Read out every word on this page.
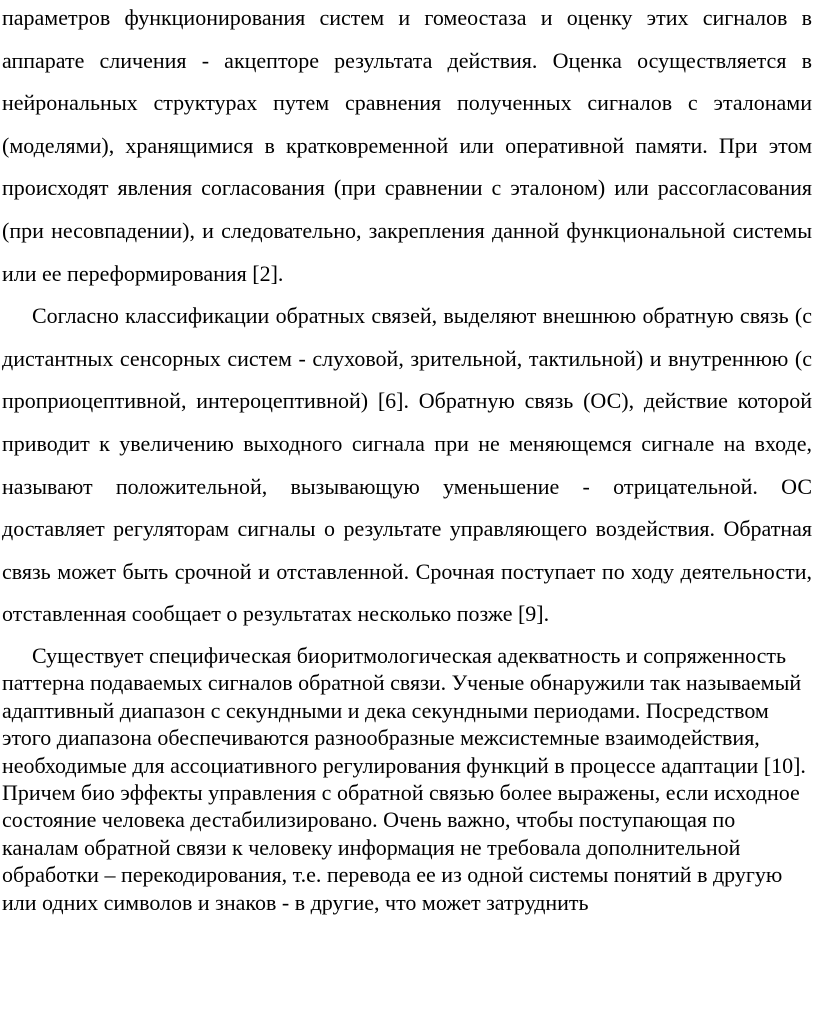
параметров функционирования систем и гомеостаза и оценку этих сигналов в аппарате сличения - акцепторе результата действия. Оценка осуществляется в нейрональных структурах путем сравнения полученных сигналов с эталонами (моделями), хранящимися в кратковременной или оперативной памяти. При этом происходят явления согласования (при сравнении с эталоном) или рассогласования (при несовпадении), и следовательно, закрепления данной функциональной системы или ее переформирования [2].

Согласно классификации обратных связей, выделяют внешнюю обратную связь (с дистантных сенсорных систем - слуховой, зрительной, тактильной) и внутреннюю (с проприоцептивной, интероцептивной) [6]. Обратную связь (ОС), действие которой приводит к увеличению выходного сигнала при не меняющемся сигнале на входе, называют положительной, вызывающую уменьшение - отрицательной. ОС доставляет регуляторам сигналы о результате управляющего воздействия. Обратная связь может быть срочной и отставленной. Срочная поступает по ходу деятельности, отставленная сообщает о результатах несколько позже [9].

Существует специфическая биоритмологическая адекватность и сопряженность паттерна подаваемых сигналов обратной связи. Ученые обнаружили так называемый адаптивный диапазон с секундными и дека секундными периодами. Посредством этого диапазона обеспечиваются разнообразные межсистемные взаимодействия, необходимые для ассоциативного регулирования функций в процессе адаптации [10]. Причем био эффекты управления с обратной связью более выражены, если исходное состояние человека дестабилизировано. Очень важно, чтобы поступающая по каналам обратной связи к человеку информация не требовала дополнительной обработки – перекодирования, т.е. перевода ее из одной системы понятий в другую или одних символов и знаков - в другие, что может затруднить
